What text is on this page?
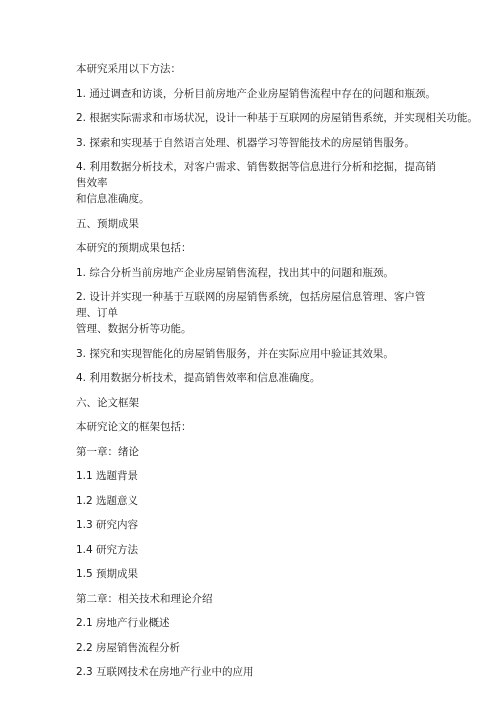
本研究采用以下方法：

1. 通过调查和访谈，分析目前房地产企业房屋销售流程中存在的问题和瓶颈。

2. 根据实际需求和市场状况，设计一种基于互联网的房屋销售系统，并实现相关功能。

3. 探索和实现基于自然语言处理、机器学习等智能技术的房屋销售服务。

4. 利用数据分析技术，对客户需求、销售数据等信息进行分析和挖掘，提高销售效率
和信息准确度。

五、预期成果

本研究的预期成果包括：

1. 综合分析当前房地产企业房屋销售流程，找出其中的问题和瓶颈。

2. 设计并实现一种基于互联网的房屋销售系统，包括房屋信息管理、客户管理、订单
管理、数据分析等功能。

3. 探究和实现智能化的房屋销售服务，并在实际应用中验证其效果。

4. 利用数据分析技术，提高销售效率和信息准确度。

六、论文框架

本研究论文的框架包括：

第一章：绪论

1.1 选题背景

1.2 选题意义

1.3 研究内容

1.4 研究方法

1.5 预期成果

第二章：相关技术和理论介绍

2.1 房地产行业概述

2.2 房屋销售流程分析

2.3 互联网技术在房地产行业中的应用
